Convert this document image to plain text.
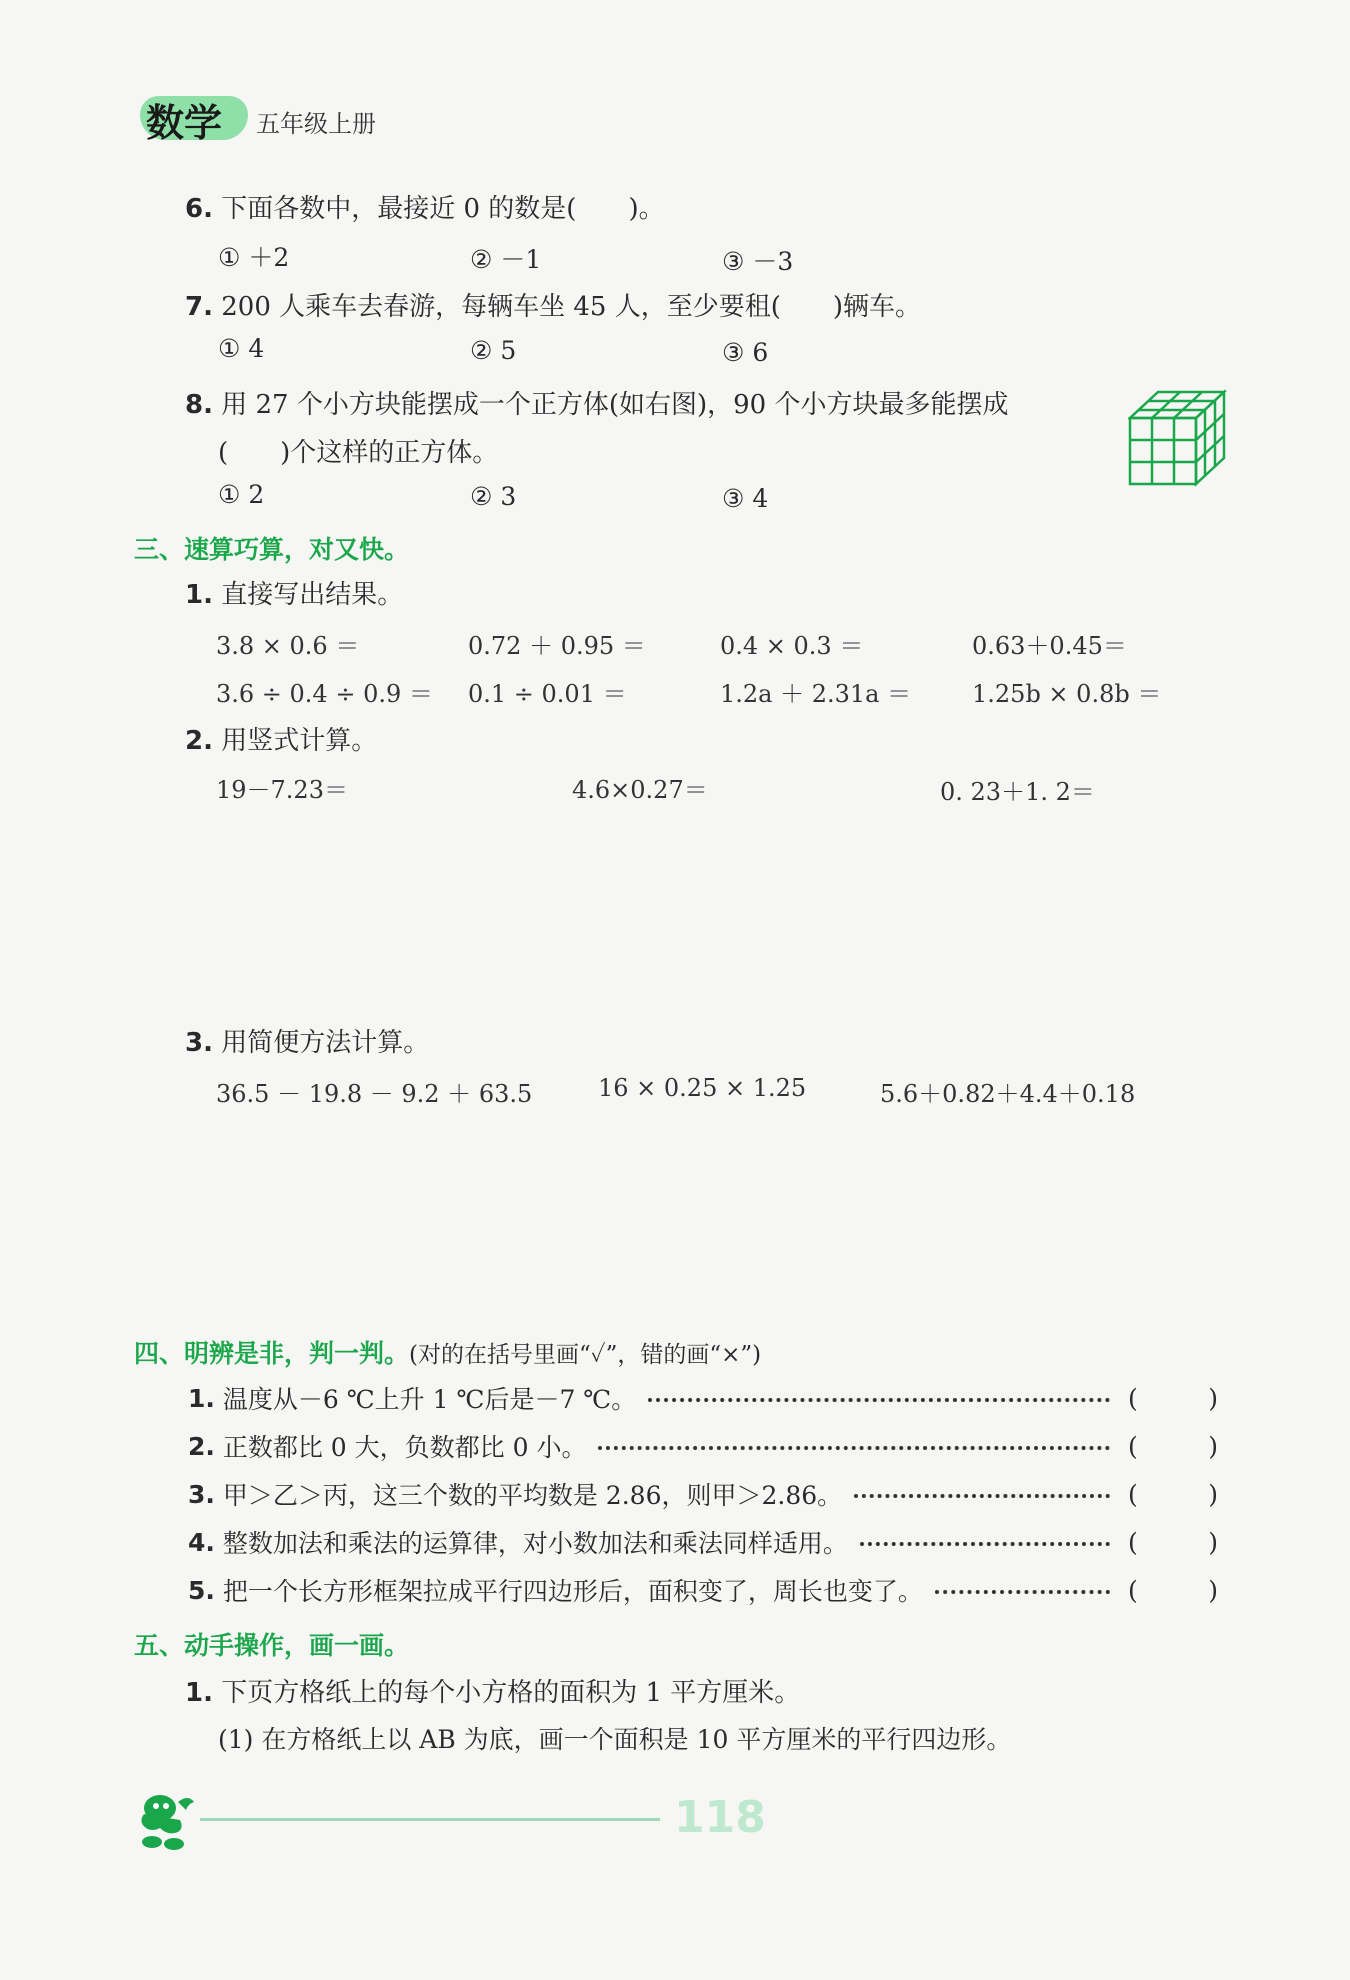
数学 五年级上册
6. 下面各数中，最接近 0 的数是(　　)。
① ＋2	② －1	③ －3
7. 200 人乘车去春游，每辆车坐 45 人，至少要租(　　)辆车。
① 4	② 5	③ 6
8. 用 27 个小方块能摆成一个正方体(如右图)，90 个小方块最多能摆成
(　　)个这样的正方体。
① 2	② 3	③ 4
三、速算巧算，对又快。
1. 直接写出结果。
3.8 × 0.6 ＝	0.72 ＋ 0.95 ＝	0.4 × 0.3 ＝	0.63＋0.45＝
3.6 ÷ 0.4 ÷ 0.9 ＝ 0.1 ÷ 0.01 ＝	1.2a ＋ 2.31a ＝	1.25b × 0.8b ＝
2. 用竖式计算。
19－7.23＝	4.6×0.27＝	0. 23＋1. 2＝
3. 用简便方法计算。
36.5 － 19.8 － 9.2 ＋ 63.5	16 × 0.25 × 1.25	5.6＋0.82＋4.4＋0.18
四、明辨是非，判一判。(对的在括号里画“✓”，错的画“×”)
1.
温度从－6 ℃上升 1 ℃后是－7 ℃。	(	)
2.
正数都比 0 大，负数都比 0 小。	(	)
3.
甲＞乙＞丙，这三个数的平均数是 2.86，则甲＞2.86。	(	)
4.
整数加法和乘法的运算律，对小数加法和乘法同样适用。	(	)
5.
把一个长方形框架拉成平行四边形后，面积变了，周长也变了。	(	)
五、动手操作，画一画。
1. 下页方格纸上的每个小方格的面积为 1 平方厘米。
(1) 在方格纸上以 AB 为底，画一个面积是 10 平方厘米的平行四边形。
118
